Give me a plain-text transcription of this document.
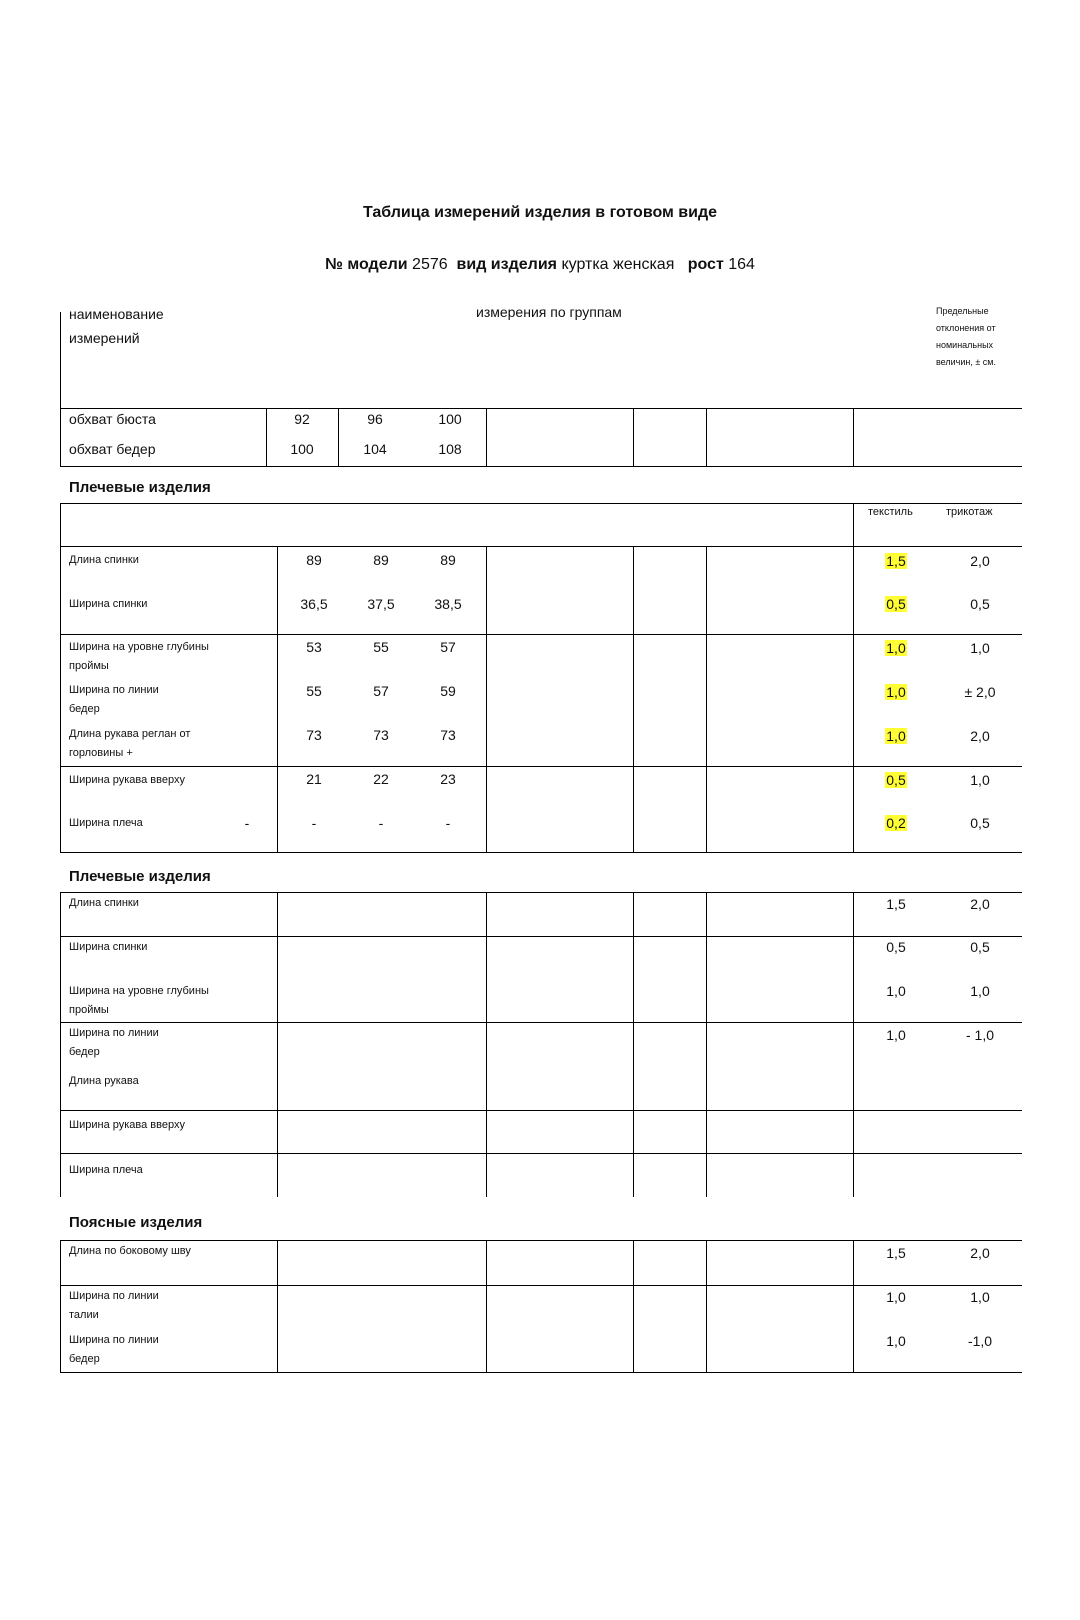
Таблица измерений изделия в готовом виде
№ модели 2576 вид изделия куртка женская рост 164
наименование измерений
измерения по группам	Предельные отклонения от номинальных величин, ± см.
обхват бюста	92	96	100
обхват бедер	100	104	108
Плечевые изделия
текстиль	трикотаж
Длина спинки	89	89	89	1,5	2,0
Ширина спинки	36,5	37,5	38,5	0,5	0,5
Ширина на уровне глубины проймы
53	55	57	1,0	1,0
Ширина по линии бедер
55	57	59	1,0	± 2,0
Длина рукава реглан от горловины +
73	73	73	1,0	2,0
Ширина рукава вверху	21	22	23	0,5	1,0
Ширина плеча	-	-	-	-	0,2	0,5
Плечевые изделия
Длина спинки	1,5	2,0
Ширина спинки	0,5	0,5
Ширина на уровне глубины проймы
1,0	1,0
Ширина по линии бедер
1,0	- 1,0
Длина рукава
Ширина рукава вверху
Ширина плеча
Поясные изделия
Длина по боковому шву	1,5	2,0
Ширина по линии талии
1,0	1,0
Ширина по линии бедер
1,0	-1,0
